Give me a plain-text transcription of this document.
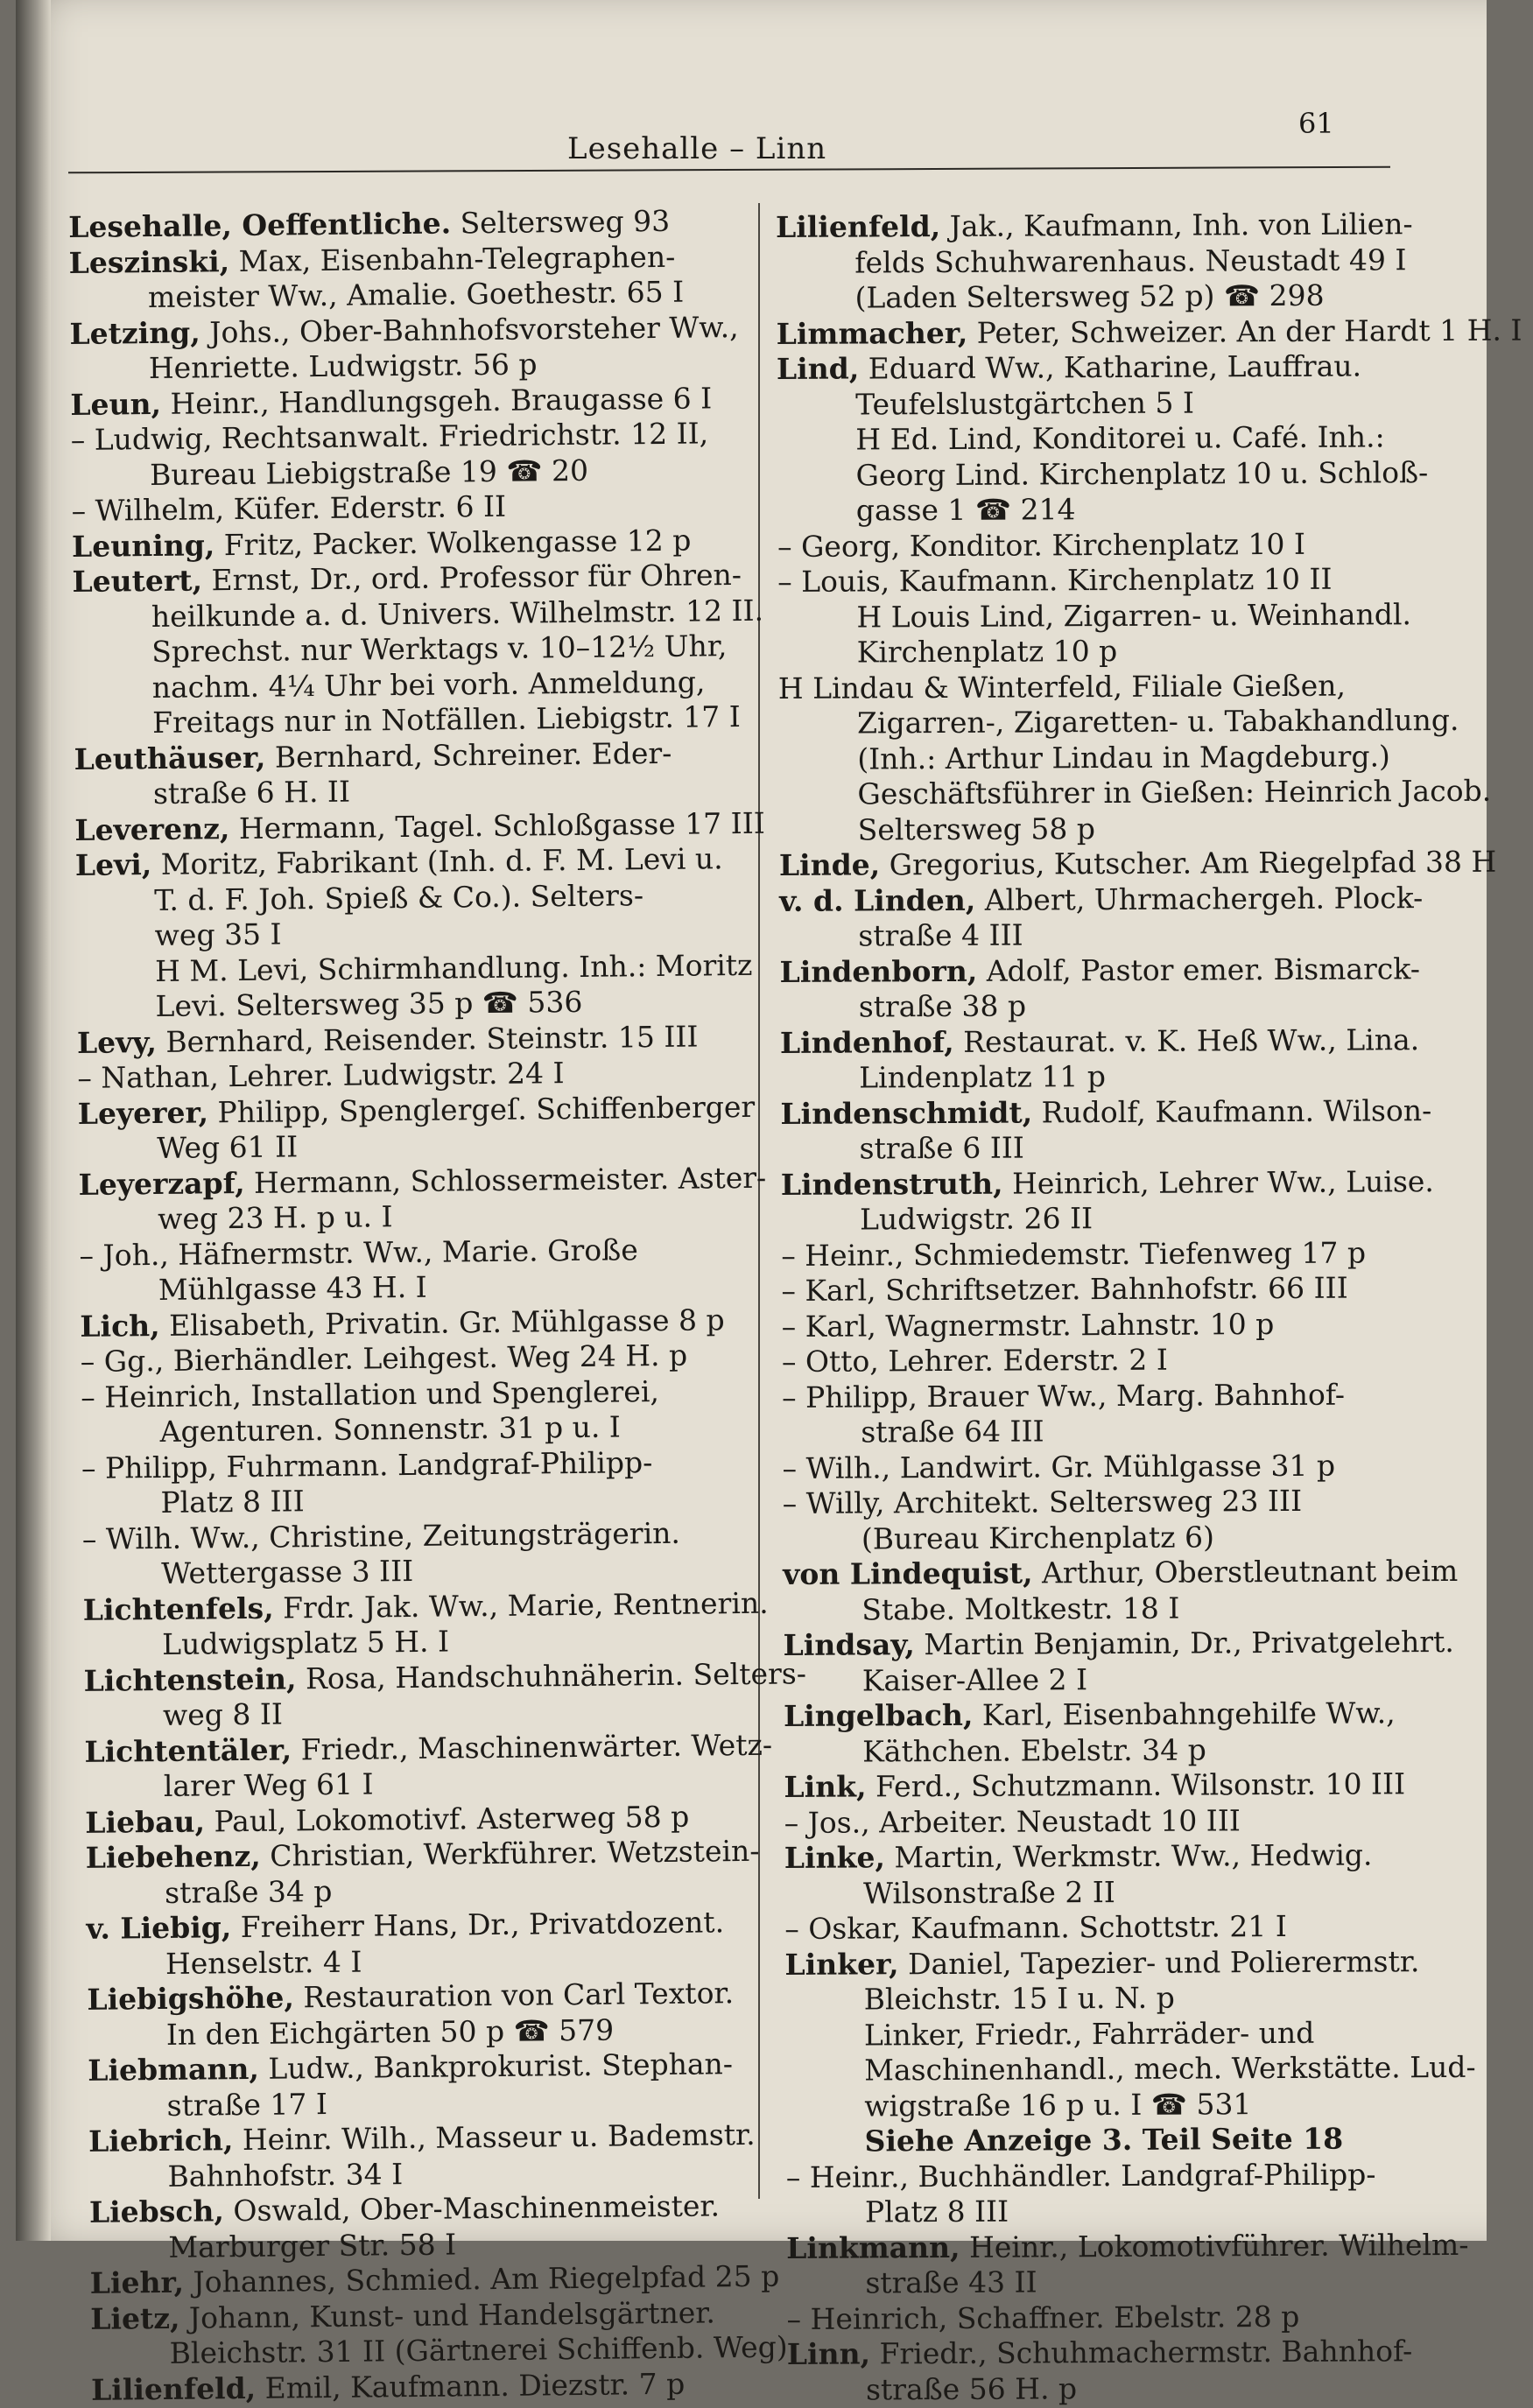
Lesehalle – Linn
61
Lesehalle, Oeffentliche. Seltersweg 93
Leszinski, Max, Eisenbahn-Telegraphen-
meister Ww., Amalie. Goethestr. 65 I
Letzing, Johs., Ober-Bahnhofsvorsteher Ww.,
Henriette. Ludwigstr. 56 p
Leun, Heinr., Handlungsgeh. Braugasse 6 I
– Ludwig, Rechtsanwalt. Friedrichstr. 12 II,
Bureau Liebigstraße 19 ☎ 20
– Wilhelm, Küfer. Ederstr. 6 II
Leuning, Fritz, Packer. Wolkengasse 12 p
Leutert, Ernst, Dr., ord. Professor für Ohren-
heilkunde a. d. Univers. Wilhelmstr. 12 II.
Sprechst. nur Werktags v. 10–12½ Uhr,
nachm. 4¼ Uhr bei vorh. Anmeldung,
Freitags nur in Notfällen. Liebigstr. 17 I
Leuthäuser, Bernhard, Schreiner. Eder-
straße 6 H. II
Leverenz, Hermann, Tagel. Schloßgasse 17 III
Levi, Moritz, Fabrikant (Inh. d. F. M. Levi u.
T. d. F. Joh. Spieß & Co.). Selters-
weg 35 I
H M. Levi, Schirmhandlung. Inh.: Moritz
Levi. Seltersweg 35 p ☎ 536
Levy, Bernhard, Reisender. Steinstr. 15 III
– Nathan, Lehrer. Ludwigstr. 24 I
Leyerer, Philipp, Spenglergeſ. Schiffenberger
Weg 61 II
Leyerzapf, Hermann, Schlossermeister. Aster-
weg 23 H. p u. I
– Joh., Häfnermstr. Ww., Marie. Große
Mühlgasse 43 H. I
Lich, Elisabeth, Privatin. Gr. Mühlgasse 8 p
– Gg., Bierhändler. Leihgest. Weg 24 H. p
– Heinrich, Installation und Spenglerei,
Agenturen. Sonnenstr. 31 p u. I
– Philipp, Fuhrmann. Landgraf-Philipp-
Platz 8 III
– Wilh. Ww., Christine, Zeitungsträgerin.
Wettergasse 3 III
Lichtenfels, Frdr. Jak. Ww., Marie, Rentnerin.
Ludwigsplatz 5 H. I
Lichtenstein, Rosa, Handschuhnäherin. Selters-
weg 8 II
Lichtentäler, Friedr., Maschinenwärter. Wetz-
larer Weg 61 I
Liebau, Paul, Lokomotivf. Asterweg 58 p
Liebehenz, Christian, Werkführer. Wetzstein-
straße 34 p
v. Liebig, Freiherr Hans, Dr., Privatdozent.
Henselstr. 4 I
Liebigshöhe, Restauration von Carl Textor.
In den Eichgärten 50 p ☎ 579
Liebmann, Ludw., Bankprokurist. Stephan-
straße 17 I
Liebrich, Heinr. Wilh., Masseur u. Bademstr.
Bahnhofstr. 34 I
Liebsch, Oswald, Ober-Maschinenmeister.
Marburger Str. 58 I
Liehr, Johannes, Schmied. Am Riegelpfad 25 p
Lietz, Johann, Kunst- und Handelsgärtner.
Bleichstr. 31 II (Gärtnerei Schiffenb. Weg)
Lilienfeld, Emil, Kaufmann. Diezstr. 7 p
Lilienfeld, Jak., Kaufmann, Inh. von Lilien-
felds Schuhwarenhaus. Neustadt 49 I
(Laden Seltersweg 52 p) ☎ 298
Limmacher, Peter, Schweizer. An der Hardt 1 H. I
Lind, Eduard Ww., Katharine, Lauffrau.
Teufelslustgärtchen 5 I
H Ed. Lind, Konditorei u. Café. Inh.:
Georg Lind. Kirchenplatz 10 u. Schloß-
gasse 1 ☎ 214
– Georg, Konditor. Kirchenplatz 10 I
– Louis, Kaufmann. Kirchenplatz 10 II
H Louis Lind, Zigarren- u. Weinhandl.
Kirchenplatz 10 p
H Lindau & Winterfeld, Filiale Gießen,
Zigarren-, Zigaretten- u. Tabakhandlung.
(Inh.: Arthur Lindau in Magdeburg.)
Geschäftsführer in Gießen: Heinrich Jacob.
Seltersweg 58 p
Linde, Gregorius, Kutscher. Am Riegelpfad 38 H
v. d. Linden, Albert, Uhrmachergeh. Plock-
straße 4 III
Lindenborn, Adolf, Pastor emer. Bismarck-
straße 38 p
Lindenhof, Restaurat. v. K. Heß Ww., Lina.
Lindenplatz 11 p
Lindenschmidt, Rudolf, Kaufmann. Wilson-
straße 6 III
Lindenstruth, Heinrich, Lehrer Ww., Luise.
Ludwigstr. 26 II
– Heinr., Schmiedemstr. Tiefenweg 17 p
– Karl, Schriftsetzer. Bahnhofstr. 66 III
– Karl, Wagnermstr. Lahnstr. 10 p
– Otto, Lehrer. Ederstr. 2 I
– Philipp, Brauer Ww., Marg. Bahnhof-
straße 64 III
– Wilh., Landwirt. Gr. Mühlgasse 31 p
– Willy, Architekt. Seltersweg 23 III
(Bureau Kirchenplatz 6)
von Lindequist, Arthur, Oberstleutnant beim
Stabe. Moltkestr. 18 I
Lindsay, Martin Benjamin, Dr., Privatgelehrt.
Kaiser-Allee 2 I
Lingelbach, Karl, Eisenbahngehilfe Ww.,
Käthchen. Ebelstr. 34 p
Link, Ferd., Schutzmann. Wilsonstr. 10 III
– Jos., Arbeiter. Neustadt 10 III
Linke, Martin, Werkmstr. Ww., Hedwig.
Wilsonstraße 2 II
– Oskar, Kaufmann. Schottstr. 21 I
Linker, Daniel, Tapezier- und Polierermstr.
Bleichstr. 15 I u. N. p
Linker, Friedr., Fahrräder- und
Maschinenhandl., mech. Werkstätte. Lud-
wigstraße 16 p u. I ☎ 531
Siehe Anzeige 3. Teil Seite 18
– Heinr., Buchhändler. Landgraf-Philipp-
Platz 8 III
Linkmann, Heinr., Lokomotivführer. Wilhelm-
straße 43 II
– Heinrich, Schaffner. Ebelstr. 28 p
Linn, Friedr., Schuhmachermstr. Bahnhof-
straße 56 H. p
